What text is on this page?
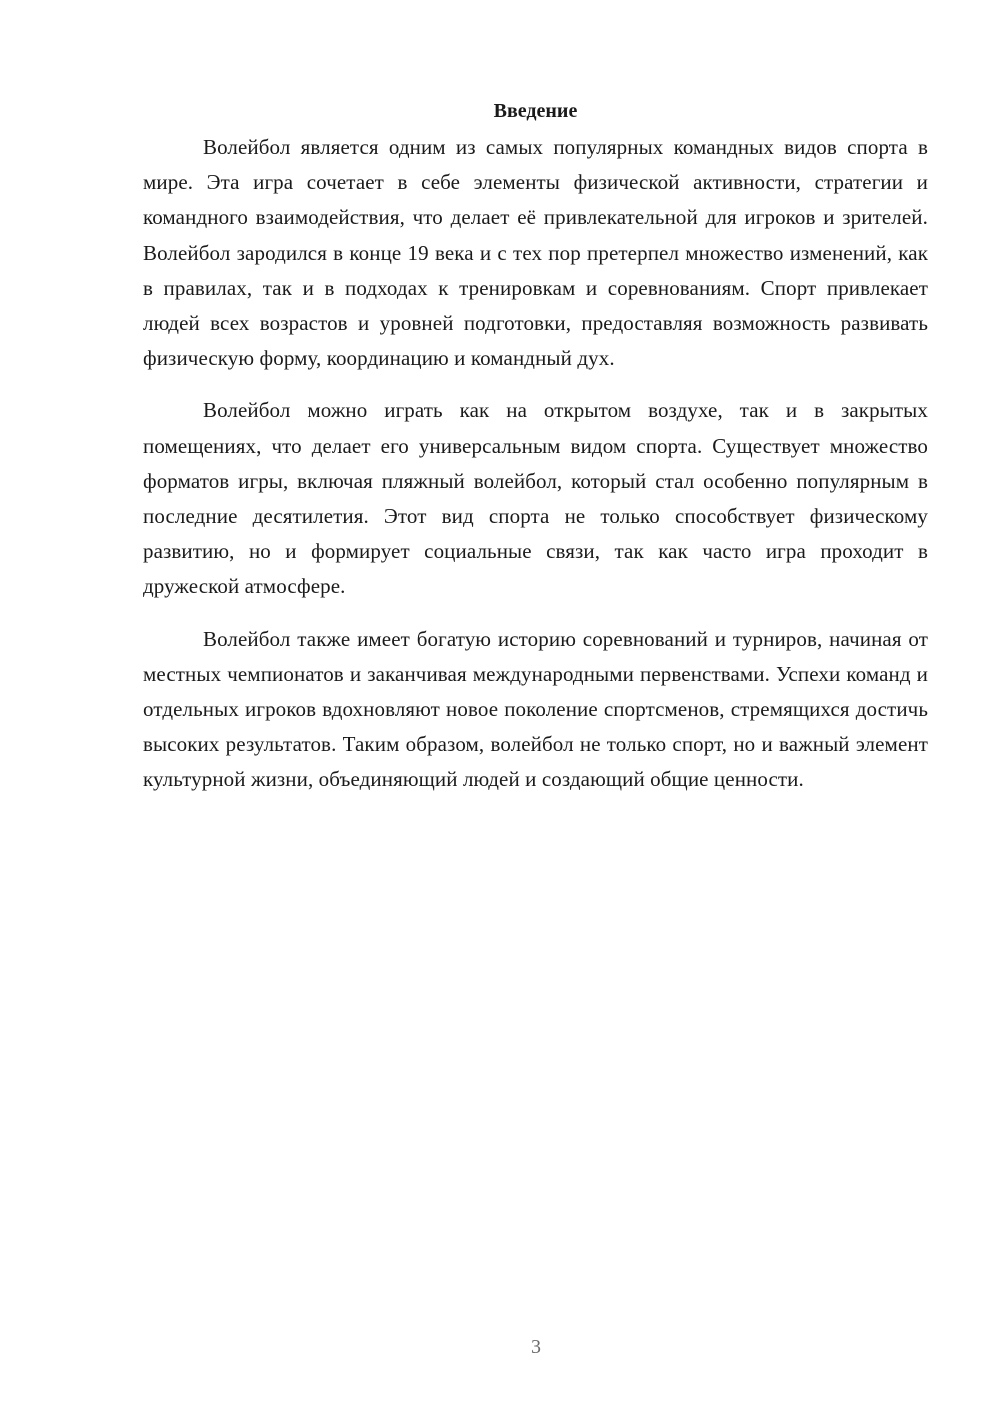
Введение

Волейбол является одним из самых популярных командных видов спорта в мире. Эта игра сочетает в себе элементы физической активности, стратегии и командного взаимодействия, что делает её привлекательной для игроков и зрителей. Волейбол зародился в конце 19 века и с тех пор претерпел множество изменений, как в правилах, так и в подходах к тренировкам и соревнованиям. Спорт привлекает людей всех возрастов и уровней подготовки, предоставляя возможность развивать физическую форму, координацию и командный дух.

Волейбол можно играть как на открытом воздухе, так и в закрытых помещениях, что делает его универсальным видом спорта. Существует множество форматов игры, включая пляжный волейбол, который стал особенно популярным в последние десятилетия. Этот вид спорта не только способствует физическому развитию, но и формирует социальные связи, так как часто игра проходит в дружеской атмосфере.

Волейбол также имеет богатую историю соревнований и турниров, начиная от местных чемпионатов и заканчивая международными первенствами. Успехи команд и отдельных игроков вдохновляют новое поколение спортсменов, стремящихся достичь высоких результатов. Таким образом, волейбол не только спорт, но и важный элемент культурной жизни, объединяющий людей и создающий общие ценности.

3
